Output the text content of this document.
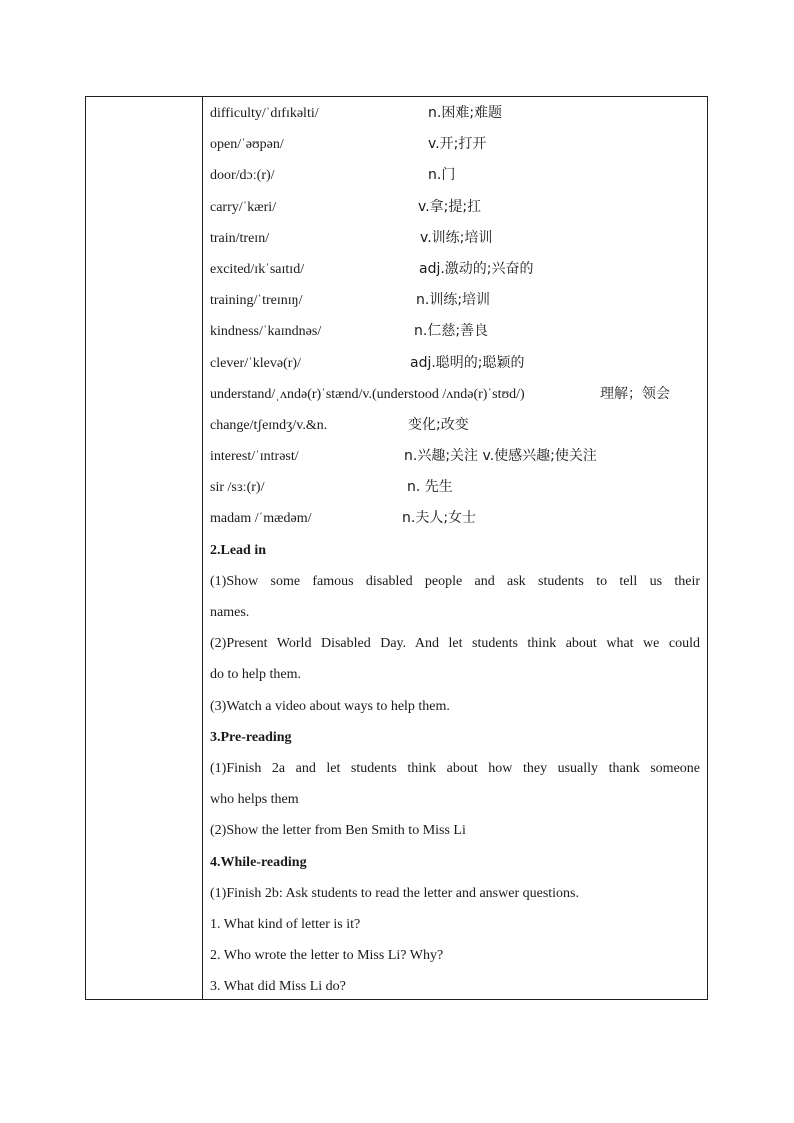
difficulty/ˈdɪfɪkəlti/	n.困难;难题
open/ˈəʊpən/	v.开;打开
door/dɔː(r)/	n.门
carry/ˈkæri/	v.拿;提;扛
train/treɪn/	v.训练;培训
excited/ɪkˈsaɪtɪd/	adj.激动的;兴奋的
training/ˈtreɪnɪŋ/	n.训练;培训
kindness/ˈkaɪndnəs/	n.仁慈;善良
clever/ˈklevə(r)/	adj.聪明的;聪颖的
understand/ˌʌndə(r)ˈstænd/v.(understood /ʌndə(r)ˈstʊd/)	理解；领会
change/tʃeɪndʒ/v.&n.	变化;改变
interest/ˈɪntrəst/	n.兴趣;关注 v.使感兴趣;使关注
sir /sɜː(r)/	n. 先生
madam /ˈmædəm/	n.夫人;女士
2.Lead in
(1)Show some famous disabled people and ask students to tell us their
names.
(2)Present World Disabled Day. And let students think about what we could
do to help them.
(3)Watch a video about ways to help them.
3.Pre-reading
(1)Finish 2a and let students think about how they usually thank someone
who helps them
(2)Show the letter from Ben Smith to Miss Li
4.While-reading
(1)Finish 2b: Ask students to read the letter and answer questions.
1. What kind of letter is it?
2. Who wrote the letter to Miss Li? Why?
3. What did Miss Li do?
